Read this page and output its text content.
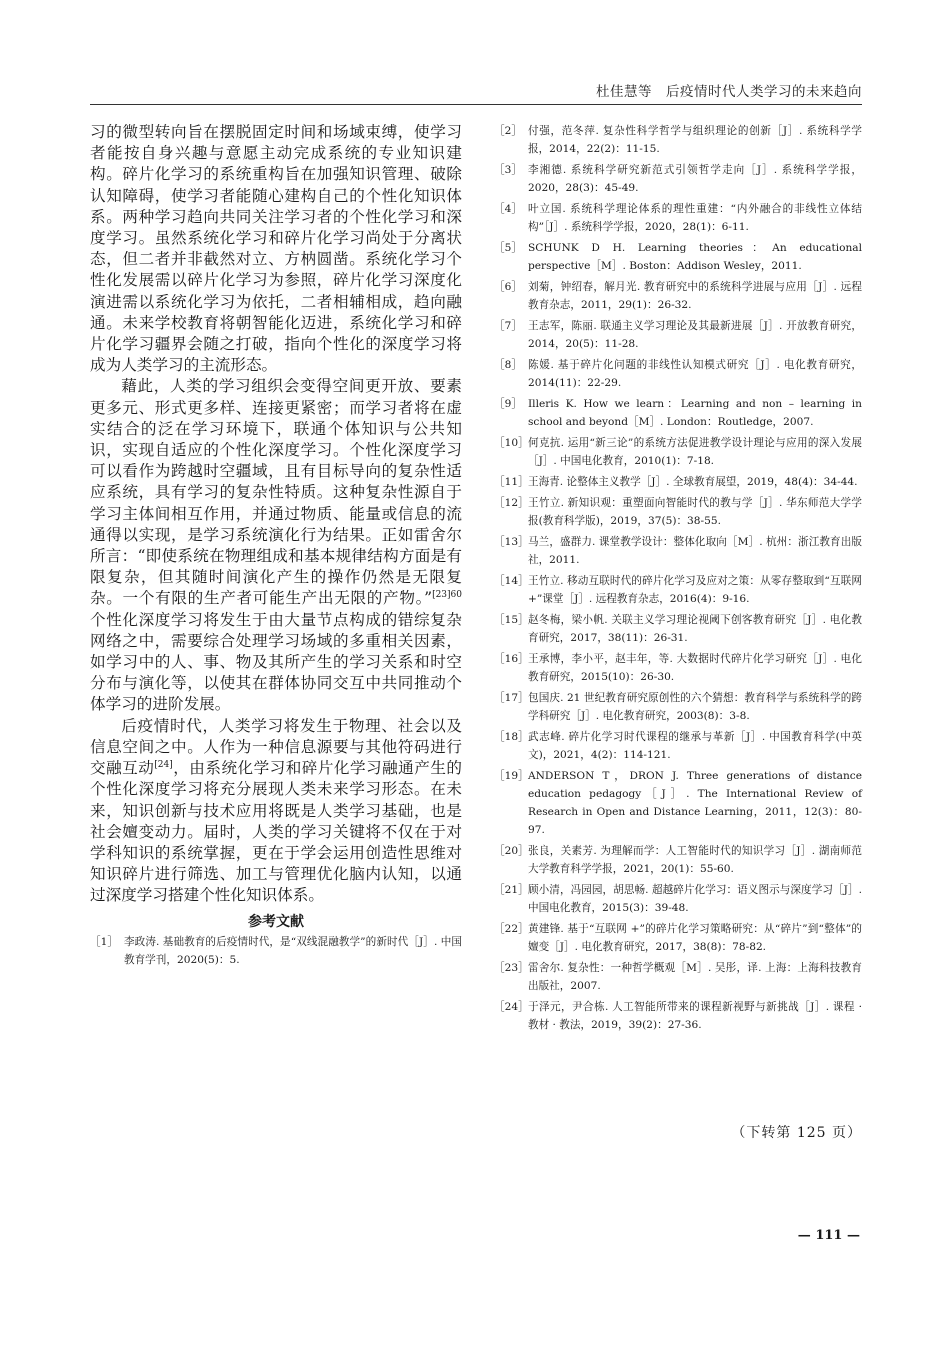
杜佳慧等　后疫情时代人类学习的未来趋向

习的微型转向旨在摆脱固定时间和场域束缚，使学习者能按自身兴趣与意愿主动完成系统的专业知识建构。碎片化学习的系统重构旨在加强知识管理、破除认知障碍，使学习者能随心建构自己的个性化知识体系。两种学习趋向共同关注学习者的个性化学习和深度学习。虽然系统化学习和碎片化学习尚处于分离状态，但二者并非截然对立、方枘圆凿。系统化学习个性化发展需以碎片化学习为参照，碎片化学习深度化演进需以系统化学习为依托，二者相辅相成，趋向融通。未来学校教育将朝智能化迈进，系统化学习和碎片化学习疆界会随之打破，指向个性化的深度学习将成为人类学习的主流形态。

藉此，人类的学习组织会变得空间更开放、要素更多元、形式更多样、连接更紧密；而学习者将在虚实结合的泛在学习环境下，联通个体知识与公共知识，实现自适应的个性化深度学习。个性化深度学习可以看作为跨越时空疆域，且有目标导向的复杂性适应系统，具有学习的复杂性特质。这种复杂性源自于学习主体间相互作用，并通过物质、能量或信息的流通得以实现，是学习系统演化行为结果。正如雷舍尔所言：“即使系统在物理组成和基本规律结构方面是有限复杂，但其随时间演化产生的操作仍然是无限复杂。一个有限的生产者可能生产出无限的产物。”$^{[23]60}$个性化深度学习将发生于由大量节点构成的错综复杂网络之中，需要综合处理学习场域的多重相关因素，如学习中的人、事、物及其所产生的学习关系和时空分布与演化等，以使其在群体协同交互中共同推动个体学习的进阶发展。

后疫情时代，人类学习将发生于物理、社会以及信息空间之中。人作为一种信息源要与其他符码进行交融互动[24]，由系统化学习和碎片化学习融通产生的个性化深度学习将充分展现人类未来学习形态。在未来，知识创新与技术应用将既是人类学习基础，也是社会嬗变动力。届时，人类的学习关键将不仅在于对学科知识的系统掌握，更在于学会运用创造性思维对知识碎片进行筛选、加工与管理优化脑内认知，以通过深度学习搭建个性化知识体系。

参考文献
［1］ 李政涛. 基础教育的后疫情时代，是“双线混融教学”的新时代［J］. 中国教育学刊，2020(5)：5.
［2］ 付强，范冬萍. 复杂性科学哲学与组织理论的创新［J］. 系统科学学报，2014，22(2)：11-15.
［3］ 李湘德. 系统科学研究新范式引领哲学走向［J］. 系统科学学报，2020，28(3)：45-49.
［4］ 叶立国. 系统科学理论体系的理性重建：“内外融合的非线性立体结构”［J］. 系统科学学报，2020，28(1)：6-11.
［5］ SCHUNK D H. Learning theories：An educational perspective［M］. Boston：Addison Wesley，2011.
［6］ 刘菊，钟绍春，解月光. 教育研究中的系统科学进展与应用［J］. 远程教育杂志，2011，29(1)：26-32.
［7］ 王志军，陈丽. 联通主义学习理论及其最新进展［J］. 开放教育研究，2014，20(5)：11-28.
［8］ 陈媛. 基于碎片化问题的非线性认知模式研究［J］. 电化教育研究，2014(11)：22-29.
［9］ Illeris K. How we learn：Learning and non – learning in school and beyond［M］. London：Routledge，2007.
［10］ 何克抗. 运用“新三论”的系统方法促进教学设计理论与应用的深入发展［J］. 中国电化教育，2010(1)：7-18.
［11］ 王海青. 论整体主义教学［J］. 全球教育展望，2019，48(4)：34-44.
［12］ 王竹立. 新知识观：重塑面向智能时代的教与学［J］. 华东师范大学学报(教育科学版)，2019，37(5)：38-55.
［13］ 马兰，盛群力. 课堂教学设计：整体化取向［M］. 杭州：浙江教育出版社，2011.
［14］ 王竹立. 移动互联时代的碎片化学习及应对之策：从零存整取到“互联网 +”课堂［J］. 远程教育杂志，2016(4)：9-16.
［15］ 赵冬梅，梁小帆. 关联主义学习理论视阈下创客教育研究［J］. 电化教育研究，2017，38(11)：26-31.
［16］ 王承博，李小平，赵丰年，等. 大数据时代碎片化学习研究［J］. 电化教育研究，2015(10)：26-30.
［17］ 包国庆. 21 世纪教育研究原创性的六个猜想：教育科学与系统科学的跨学科研究［J］. 电化教育研究，2003(8)：3-8.
［18］ 武志峰. 碎片化学习时代课程的继承与革新［J］. 中国教育科学(中英文)，2021，4(2)：114-121.
［19］ ANDERSON T，DRON J. Three generations of distance education pedagogy［J］. The International Review of Research in Open and Distance Learning，2011，12(3)：80-97.
［20］ 张良，关素芳. 为理解而学：人工智能时代的知识学习［J］. 湖南师范大学教育科学学报，2021，20(1)：55-60.
［21］ 顾小清，冯园园，胡思畅. 超越碎片化学习：语义图示与深度学习［J］. 中国电化教育，2015(3)：39-48.
［22］ 黄建锋. 基于“互联网 +”的碎片化学习策略研究：从“碎片”到“整体”的嬗变［J］. 电化教育研究，2017，38(8)：78-82.
［23］ 雷舍尔. 复杂性：一种哲学概观［M］. 吴彤，译. 上海：上海科技教育出版社，2007.
［24］ 于泽元，尹合栋. 人工智能所带来的课程新视野与新挑战［J］. 课程 · 教材 · 教法，2019，39(2)：27-36.
（下转第 125 页）
— 111 —
